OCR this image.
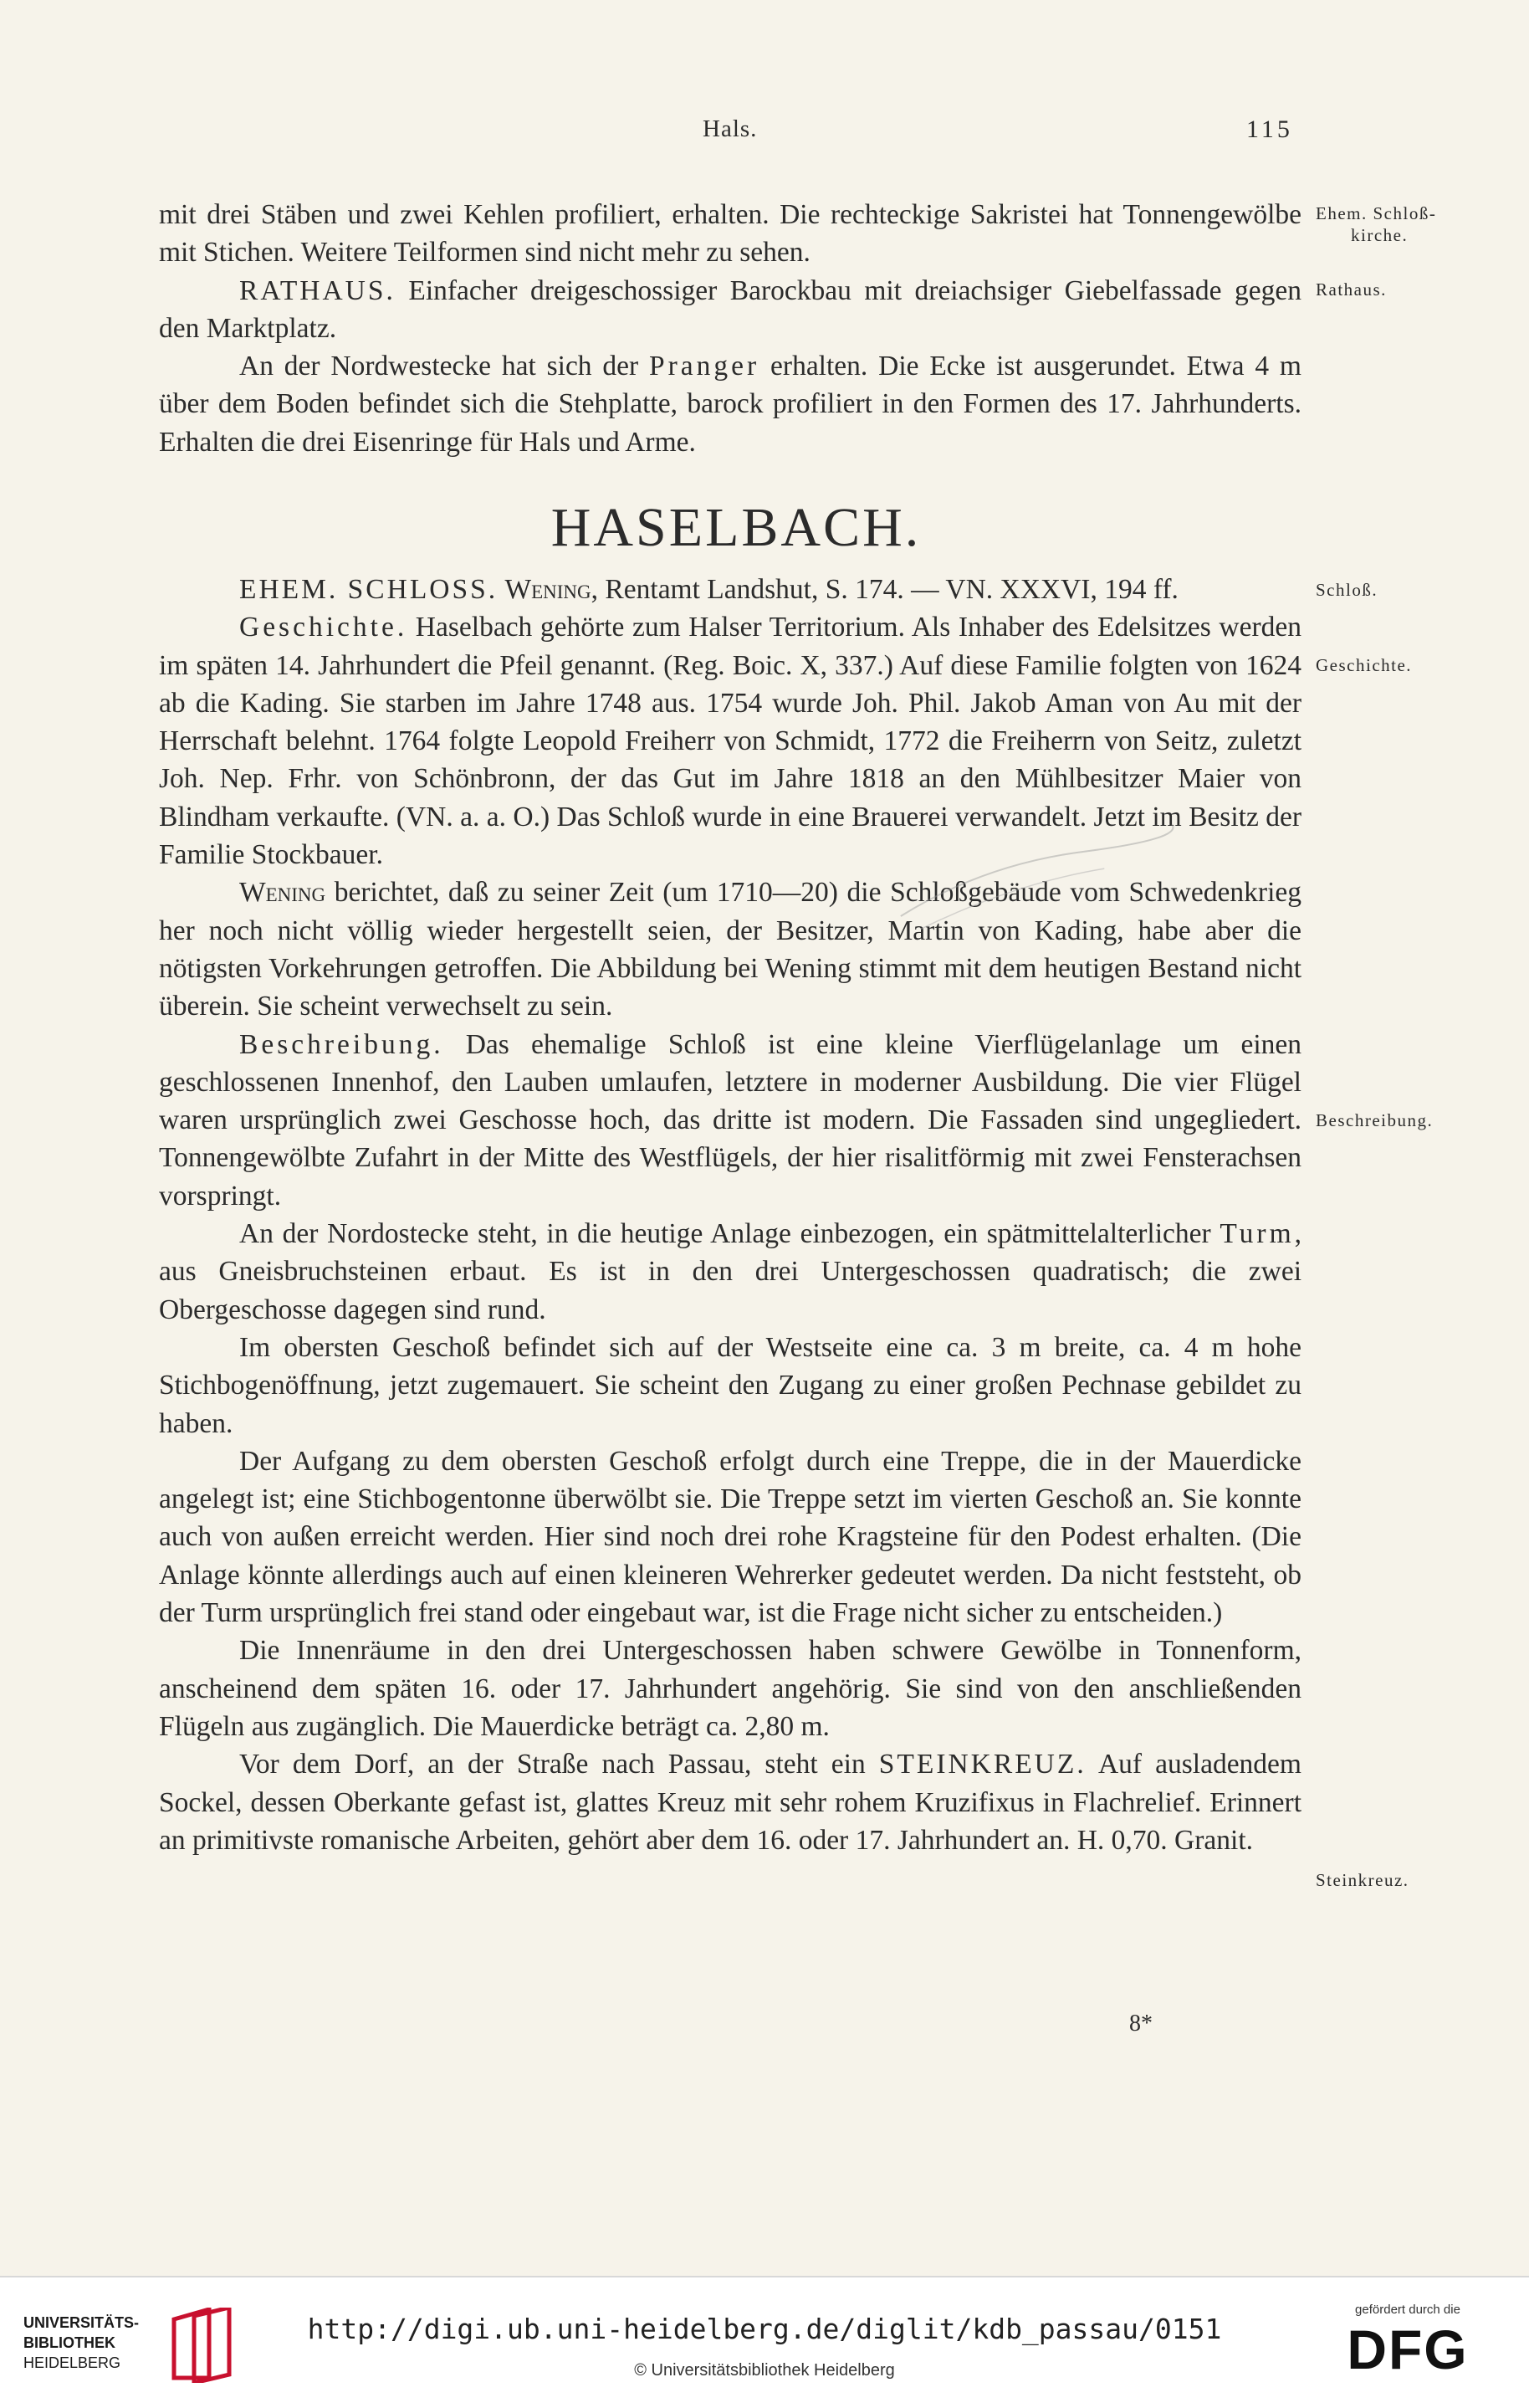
Hals.	115

mit drei Stäben und zwei Kehlen profiliert, erhalten. Die rechteckige Sakristei hat Tonnengewölbe mit Stichen. Weitere Teilformen sind nicht mehr zu sehen.

RATHAUS. Einfacher dreigeschossiger Barockbau mit dreiachsiger Giebelfassade gegen den Marktplatz.

An der Nordwestecke hat sich der Pranger erhalten. Die Ecke ist ausgerundet. Etwa 4 m über dem Boden befindet sich die Stehplatte, barock profiliert in den Formen des 17. Jahrhunderts. Erhalten die drei Eisenringe für Hals und Arme.

HASELBACH.

EHEM. SCHLOSS. Wening, Rentamt Landshut, S. 174. — VN. XXXVI, 194 ff.

Geschichte. Haselbach gehörte zum Halser Territorium. Als Inhaber des Edelsitzes werden im späten 14. Jahrhundert die Pfeil genannt. (Reg. Boic. X, 337.) Auf diese Familie folgten von 1624 ab die Kading. Sie starben im Jahre 1748 aus. 1754 wurde Joh. Phil. Jakob Aman von Au mit der Herrschaft belehnt. 1764 folgte Leopold Freiherr von Schmidt, 1772 die Freiherrn von Seitz, zuletzt Joh. Nep. Frhr. von Schönbronn, der das Gut im Jahre 1818 an den Mühlbesitzer Maier von Blindham verkaufte. (VN. a. a. O.) Das Schloß wurde in eine Brauerei verwandelt. Jetzt im Besitz der Familie Stockbauer.

Wening berichtet, daß zu seiner Zeit (um 1710—20) die Schloßgebäude vom Schwedenkrieg her noch nicht völlig wieder hergestellt seien, der Besitzer, Martin von Kading, habe aber die nötigsten Vorkehrungen getroffen. Die Abbildung bei Wening stimmt mit dem heutigen Bestand nicht überein. Sie scheint verwechselt zu sein.

Beschreibung. Das ehemalige Schloß ist eine kleine Vierflügelanlage um einen geschlossenen Innenhof, den Lauben umlaufen, letztere in moderner Ausbildung. Die vier Flügel waren ursprünglich zwei Geschosse hoch, das dritte ist modern. Die Fassaden sind ungegliedert. Tonnengewölbte Zufahrt in der Mitte des Westflügels, der hier risalitförmig mit zwei Fensterachsen vorspringt.

An der Nordostecke steht, in die heutige Anlage einbezogen, ein spätmittelalterlicher Turm, aus Gneisbruchsteinen erbaut. Es ist in den drei Untergeschossen quadratisch; die zwei Obergeschosse dagegen sind rund.

Im obersten Geschoß befindet sich auf der Westseite eine ca. 3 m breite, ca. 4 m hohe Stichbogenöffnung, jetzt zugemauert. Sie scheint den Zugang zu einer großen Pechnase gebildet zu haben.

Der Aufgang zu dem obersten Geschoß erfolgt durch eine Treppe, die in der Mauerdicke angelegt ist; eine Stichbogentonne überwölbt sie. Die Treppe setzt im vierten Geschoß an. Sie konnte auch von außen erreicht werden. Hier sind noch drei rohe Kragsteine für den Podest erhalten. (Die Anlage könnte allerdings auch auf einen kleineren Wehrerker gedeutet werden. Da nicht feststeht, ob der Turm ursprünglich frei stand oder eingebaut war, ist die Frage nicht sicher zu entscheiden.)

Die Innenräume in den drei Untergeschossen haben schwere Gewölbe in Tonnenform, anscheinend dem späten 16. oder 17. Jahrhundert angehörig. Sie sind von den anschließenden Flügeln aus zugänglich. Die Mauerdicke beträgt ca. 2,80 m.

Vor dem Dorf, an der Straße nach Passau, steht ein STEINKREUZ. Auf ausladendem Sockel, dessen Oberkante gefast ist, glattes Kreuz mit sehr rohem Kruzifixus in Flachrelief. Erinnert an primitivste romanische Arbeiten, gehört aber dem 16. oder 17. Jahrhundert an. H. 0,70. Granit.

Ehem. Schloß-
kirche.
Rathaus.
Schloß.
Geschichte.
Beschreibung.
Steinkreuz.
8*
UNIVERSITÄTS-
BIBLIOTHEK
HEIDELBERG
http://digi.ub.uni-heidelberg.de/diglit/kdb_passau/0151
© Universitätsbibliothek Heidelberg
gefördert durch die
DFG
